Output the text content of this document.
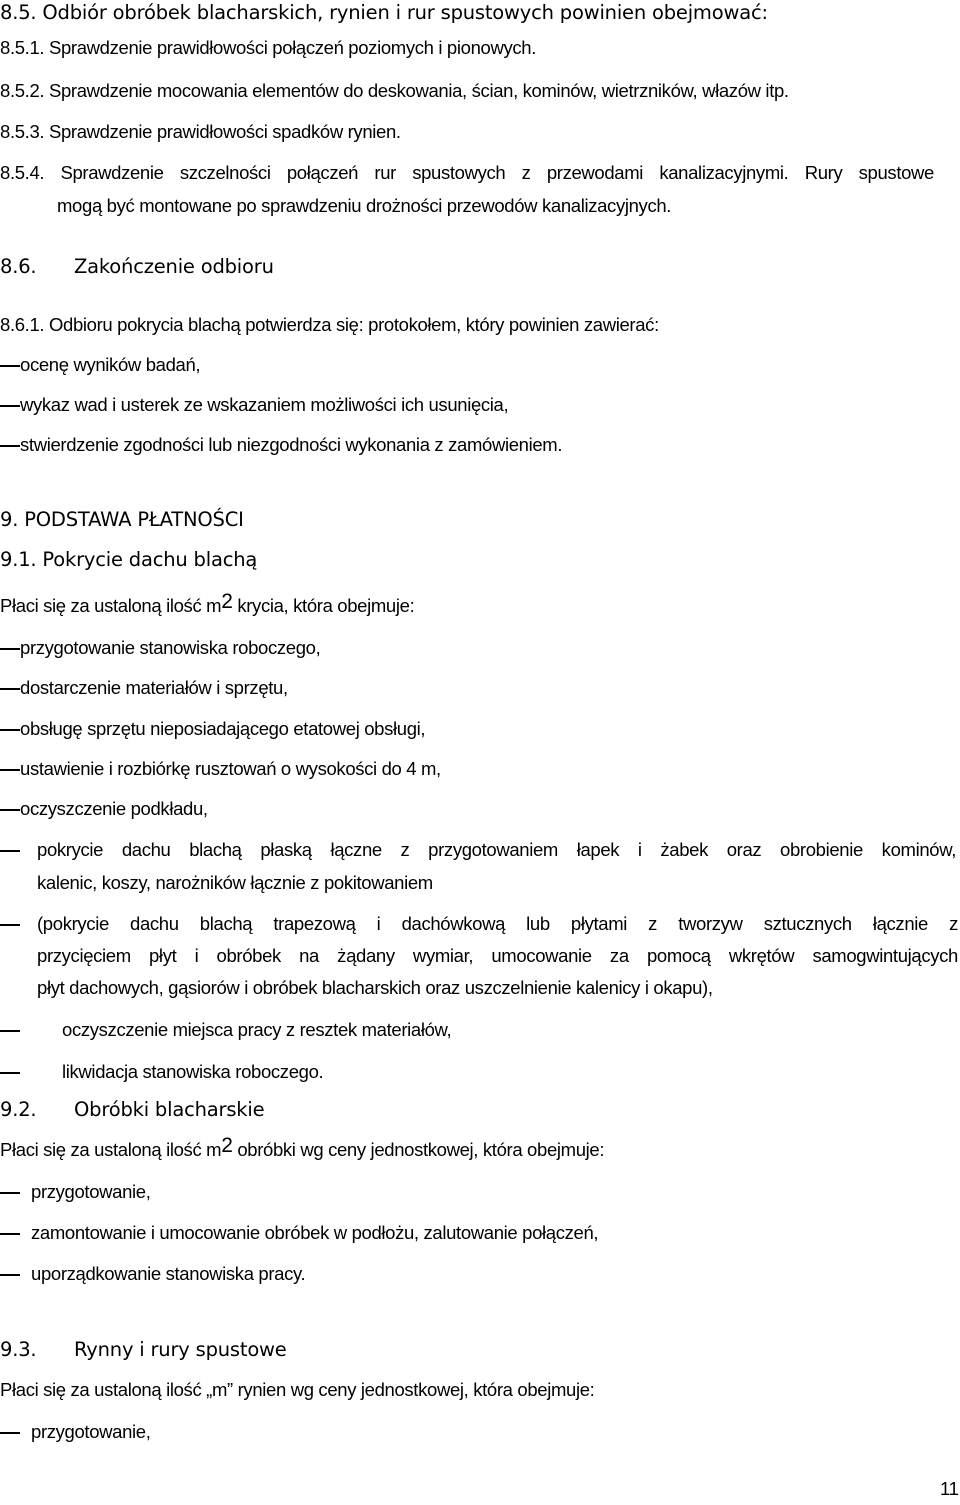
8.5. Odbiór obróbek blacharskich, rynien i rur spustowych powinien obejmować:
8.5.1. Sprawdzenie prawidłowości połączeń poziomych i pionowych.
8.5.2. Sprawdzenie mocowania elementów do deskowania, ścian, kominów, wietrzników, włazów itp.
8.5.3. Sprawdzenie prawidłowości spadków rynien.
8.5.4. Sprawdzenie szczelności połączeń rur spustowych z przewodami kanalizacyjnymi. Rury spustowe
mogą być montowane po sprawdzeniu drożności przewodów kanalizacyjnych.
8.6. Zakończenie odbioru
8.6.1. Odbioru pokrycia blachą potwierdza się: protokołem, który powinien zawierać:
ocenę wyników badań,
wykaz wad i usterek ze wskazaniem możliwości ich usunięcia,
stwierdzenie zgodności lub niezgodności wykonania z zamówieniem.
9. PODSTAWA PŁATNOŚCI
9.1. Pokrycie dachu blachą
Płaci się za ustaloną ilość $m^2$ krycia, która obejmuje:
przygotowanie stanowiska roboczego,
dostarczenie materiałów i sprzętu,
obsługę sprzętu nieposiadającego etatowej obsługi,
ustawienie i rozbiórkę rusztowań o wysokości do 4 m,
oczyszczenie podkładu,
pokrycie dachu blachą płaską łączne z przygotowaniem łapek i żabek oraz obrobienie kominów,
kalenic, koszy, narożników łącznie z pokitowaniem
(pokrycie dachu blachą trapezową i dachówkową lub płytami z tworzyw sztucznych łącznie z
przycięciem płyt i obróbek na żądany wymiar, umocowanie za pomocą wkrętów samogwintujących
płyt dachowych, gąsiorów i obróbek blacharskich oraz uszczelnienie kalenicy i okapu),
oczyszczenie miejsca pracy z resztek materiałów,
likwidacja stanowiska roboczego.
9.2. Obróbki blacharskie
Płaci się za ustaloną ilość $m^2$ obróbki wg ceny jednostkowej, która obejmuje:
przygotowanie,
zamontowanie i umocowanie obróbek w podłożu, zalutowanie połączeń,
uporządkowanie stanowiska pracy.
9.3. Rynny i rury spustowe
Płaci się za ustaloną ilość „m” rynien wg ceny jednostkowej, która obejmuje:
przygotowanie,
11
